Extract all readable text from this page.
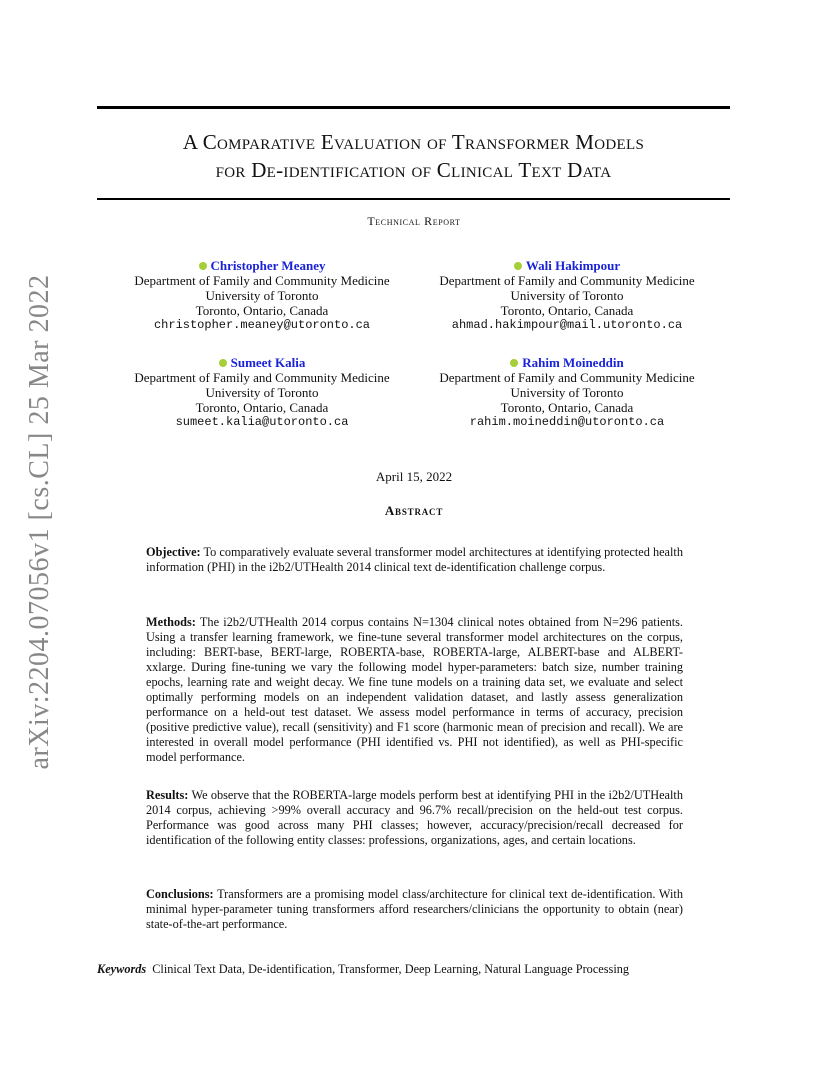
arXiv:2204.07056v1 [cs.CL] 25 Mar 2022
A Comparative Evaluation of Transformer Models
for De-identification of Clinical Text Data
Technical Report
Christopher Meaney
Department of Family and Community Medicine
University of Toronto
Toronto, Ontario, Canada
christopher.meaney@utoronto.ca
Wali Hakimpour
Department of Family and Community Medicine
University of Toronto
Toronto, Ontario, Canada
ahmad.hakimpour@mail.utoronto.ca
Sumeet Kalia
Department of Family and Community Medicine
University of Toronto
Toronto, Ontario, Canada
sumeet.kalia@utoronto.ca
Rahim Moineddin
Department of Family and Community Medicine
University of Toronto
Toronto, Ontario, Canada
rahim.moineddin@utoronto.ca
April 15, 2022
Abstract

Objective: To comparatively evaluate several transformer model architectures at identifying protected health information (PHI) in the i2b2/UTHealth 2014 clinical text de-identification challenge corpus.

Methods: The i2b2/UTHealth 2014 corpus contains N=1304 clinical notes obtained from N=296 patients. Using a transfer learning framework, we fine-tune several transformer model architectures on the corpus, including: BERT-base, BERT-large, ROBERTA-base, ROBERTA-large, ALBERT-base and ALBERT-xxlarge. During fine-tuning we vary the following model hyper-parameters: batch size, number training epochs, learning rate and weight decay. We fine tune models on a training data set, we evaluate and select optimally performing models on an independent validation dataset, and lastly assess generalization performance on a held-out test dataset. We assess model performance in terms of accuracy, precision (positive predictive value), recall (sensitivity) and F1 score (harmonic mean of precision and recall). We are interested in overall model performance (PHI identified vs. PHI not identified), as well as PHI-specific model performance.

Results: We observe that the ROBERTA-large models perform best at identifying PHI in the i2b2/UTHealth 2014 corpus, achieving >99% overall accuracy and 96.7% recall/precision on the held-out test corpus. Performance was good across many PHI classes; however, accuracy/precision/recall decreased for identification of the following entity classes: professions, organizations, ages, and certain locations.

Conclusions: Transformers are a promising model class/architecture for clinical text de-identification. With minimal hyper-parameter tuning transformers afford researchers/clinicians the opportunity to obtain (near) state-of-the-art performance.

Keywords Clinical Text Data, De-identification, Transformer, Deep Learning, Natural Language Processing
